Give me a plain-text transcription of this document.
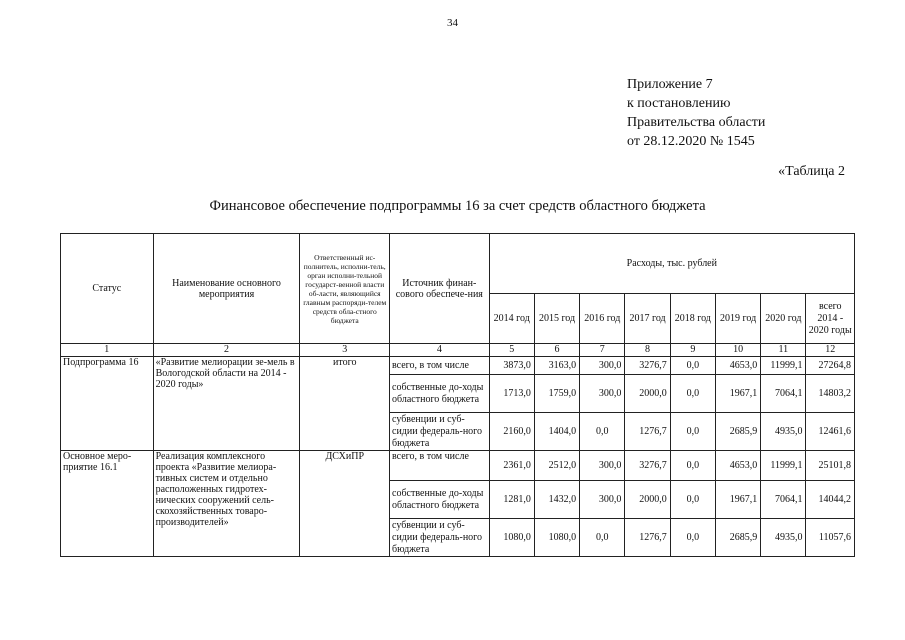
34
Приложение 7
к постановлению
Правительства области
от 28.12.2020 № 1545
«Таблица 2
Финансовое обеспечение подпрограммы 16 за счет средств областного бюджета
Статус	Наименование основного мероприятия	Ответственный ис-полнитель, исполни-тель, орган исполни-тельной государст-венной власти об-ласти, являющийся главным распоряди-телем средств обла-стного бюджета	Источник финан-сового обеспече-ния	Расходы, тыс. рублей							
				2014 год	2015 год	2016 год	2017 год	2018 год	2019 год	2020 год	всего 2014 - 2020 годы
1	2	3	4	5	6	7	8	9	10	11	12
Подпрограмма 16	«Развитие мелиорации зе-мель в Вологодской области на 2014 - 2020 годы»	итого	всего, в том числе	3873,0	3163,0	300,0	3276,7	0,0	4653,0	11999,1	27264,8
			собственные до-ходы областного бюджета	1713,0	1759,0	300,0	2000,0	0,0	1967,1	7064,1	14803,2
			субвенции и суб-сидии федераль-ного бюджета	2160,0	1404,0	0,0	1276,7	0,0	2685,9	4935,0	12461,6
Основное меро-приятие 16.1	Реализация комплексного проекта «Развитие мелиора-тивных систем и отдельно расположенных гидротех-нических сооружений сель-скохозяйственных товаро-производителей»	ДСХиПР	всего, в том числе	2361,0	2512,0	300,0	3276,7	0,0	4653,0	11999,1	25101,8
			собственные до-ходы областного бюджета	1281,0	1432,0	300,0	2000,0	0,0	1967,1	7064,1	14044,2
			субвенции и суб-сидии федераль-ного бюджета	1080,0	1080,0	0,0	1276,7	0,0	2685,9	4935,0	11057,6
